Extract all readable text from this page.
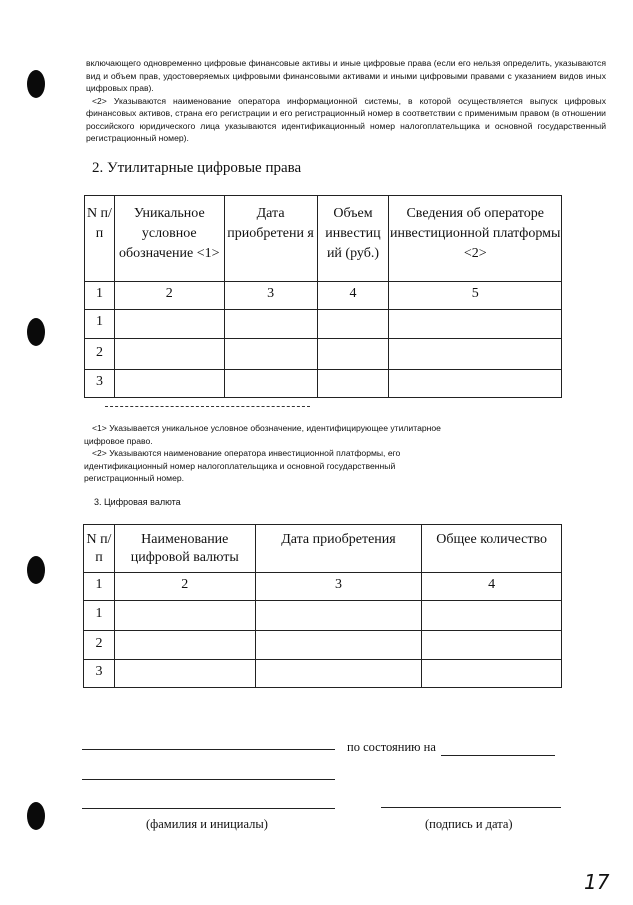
включающего одновременно цифровые финансовые активы и иные цифровые права (если его нельзя определить, указываются вид и объем прав, удостоверяемых цифровыми финансовыми активами и иными цифровыми правами с указанием видов иных цифровых прав).

<2> Указываются наименование оператора информационной системы, в которой осуществляется выпуск цифровых финансовых активов, страна его регистрации и его регистрационный номер в соответствии с применимым правом (в отношении российского юридического лица указываются идентификационный номер налогоплательщика и основной государственный регистрационный номер).

2. Утилитарные цифровые права
N п/п	Уникальное условное обозначение <1>	Дата приобретени я	Объем инвестиц ий (руб.)	Сведения об операторе инвестиционной платформы <2>
1	2	3	4	5
1				
2				
3				

<1> Указывается уникальное условное обозначение, идентифицирующее утилитарное цифровое право.

<2> Указываются наименование оператора инвестиционной платформы, его идентификационный номер налогоплательщика и основной государственный регистрационный номер.

3. Цифровая валюта
N п/п	Наименование цифровой валюты	Дата приобретения	Общее количество
1	2	3	4
1			
2			
3			
по состоянию на
(фамилия и инициалы)	(подпись и дата)
17
